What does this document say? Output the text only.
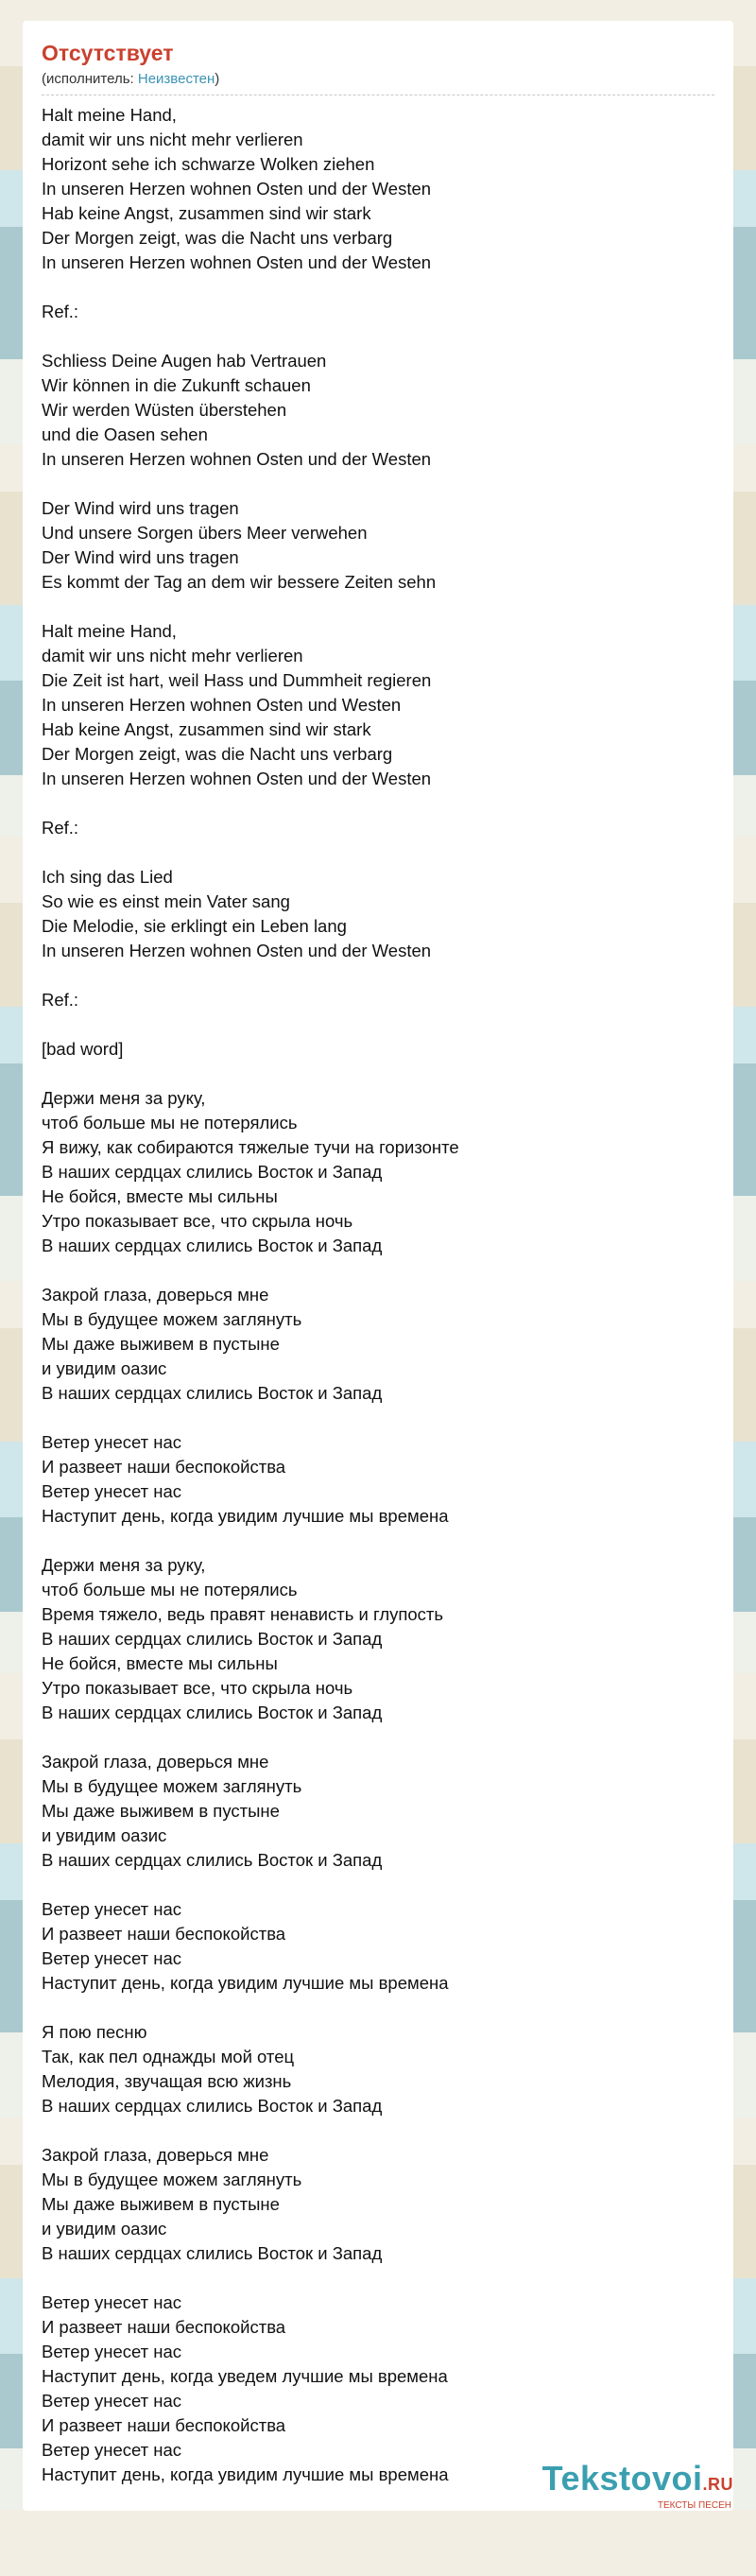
Отсутствует
(исполнитель: Неизвестен)
Halt meine Hand,
damit wir uns nicht mehr verlieren
Horizont sehe ich schwarze Wolken ziehen
In unseren Herzen wohnen Osten und der Westen
Hab keine Angst, zusammen sind wir stark
Der Morgen zeigt, was die Nacht uns verbarg
In unseren Herzen wohnen Osten und der Westen
Ref.:
Schliess Deine Augen hab Vertrauen
Wir können in die Zukunft schauen
Wir werden Wüsten überstehen
und die Oasen sehen
In unseren Herzen wohnen Osten und der Westen
Der Wind wird uns tragen
Und unsere Sorgen übers Meer verwehen
Der Wind wird uns tragen
Es kommt der Tag an dem wir bessere Zeiten sehn
Halt meine Hand,
damit wir uns nicht mehr verlieren
Die Zeit ist hart, weil Hass und Dummheit regieren
In unseren Herzen wohnen Osten und Westen
Hab keine Angst, zusammen sind wir stark
Der Morgen zeigt, was die Nacht uns verbarg
In unseren Herzen wohnen Osten und der Westen
Ref.:
Ich sing das Lied
So wie es einst mein Vater sang
Die Melodie, sie erklingt ein Leben lang
In unseren Herzen wohnen Osten und der Westen
Ref.:
[bad word]
Держи меня за руку,
чтоб больше мы не потерялись
Я вижу, как собираются тяжелые тучи на горизонте
В наших сердцах слились Восток и Запад
Не бойся, вместе мы сильны
Утро показывает все, что скрыла ночь
В наших сердцах слились Восток и Запад
Закрой глаза, доверься мне
Мы в будущее можем заглянуть
Мы даже выживем в пустыне
и увидим оазис
В наших сердцах слились Восток и Запад
Ветер унесет нас
И развеет наши беспокойства
Ветер унесет нас
Наступит день, когда увидим лучшие мы времена
Держи меня за руку,
чтоб больше мы не потерялись
Время тяжело, ведь правят ненависть и глупость
В наших сердцах слились Восток и Запад
Не бойся, вместе мы сильны
Утро показывает все, что скрыла ночь
В наших сердцах слились Восток и Запад
Закрой глаза, доверься мне
Мы в будущее можем заглянуть
Мы даже выживем в пустыне
и увидим оазис
В наших сердцах слились Восток и Запад
Ветер унесет нас
И развеет наши беспокойства
Ветер унесет нас
Наступит день, когда увидим лучшие мы времена
Я пою песню
Так, как пел однажды мой отец
Мелодия, звучащая всю жизнь
В наших сердцах слились Восток и Запад
Закрой глаза, доверься мне
Мы в будущее можем заглянуть
Мы даже выживем в пустыне
и увидим оазис
В наших сердцах слились Восток и Запад
Ветер унесет нас
И развеет наши беспокойства
Ветер унесет нас
Наступит день, когда уведем лучшие мы времена
Ветер унесет нас
И развеет наши беспокойства
Ветер унесет нас
Наступит день, когда увидим лучшие мы времена	Tekstovoi.RU
ТЕКСТЫ ПЕСЕН
